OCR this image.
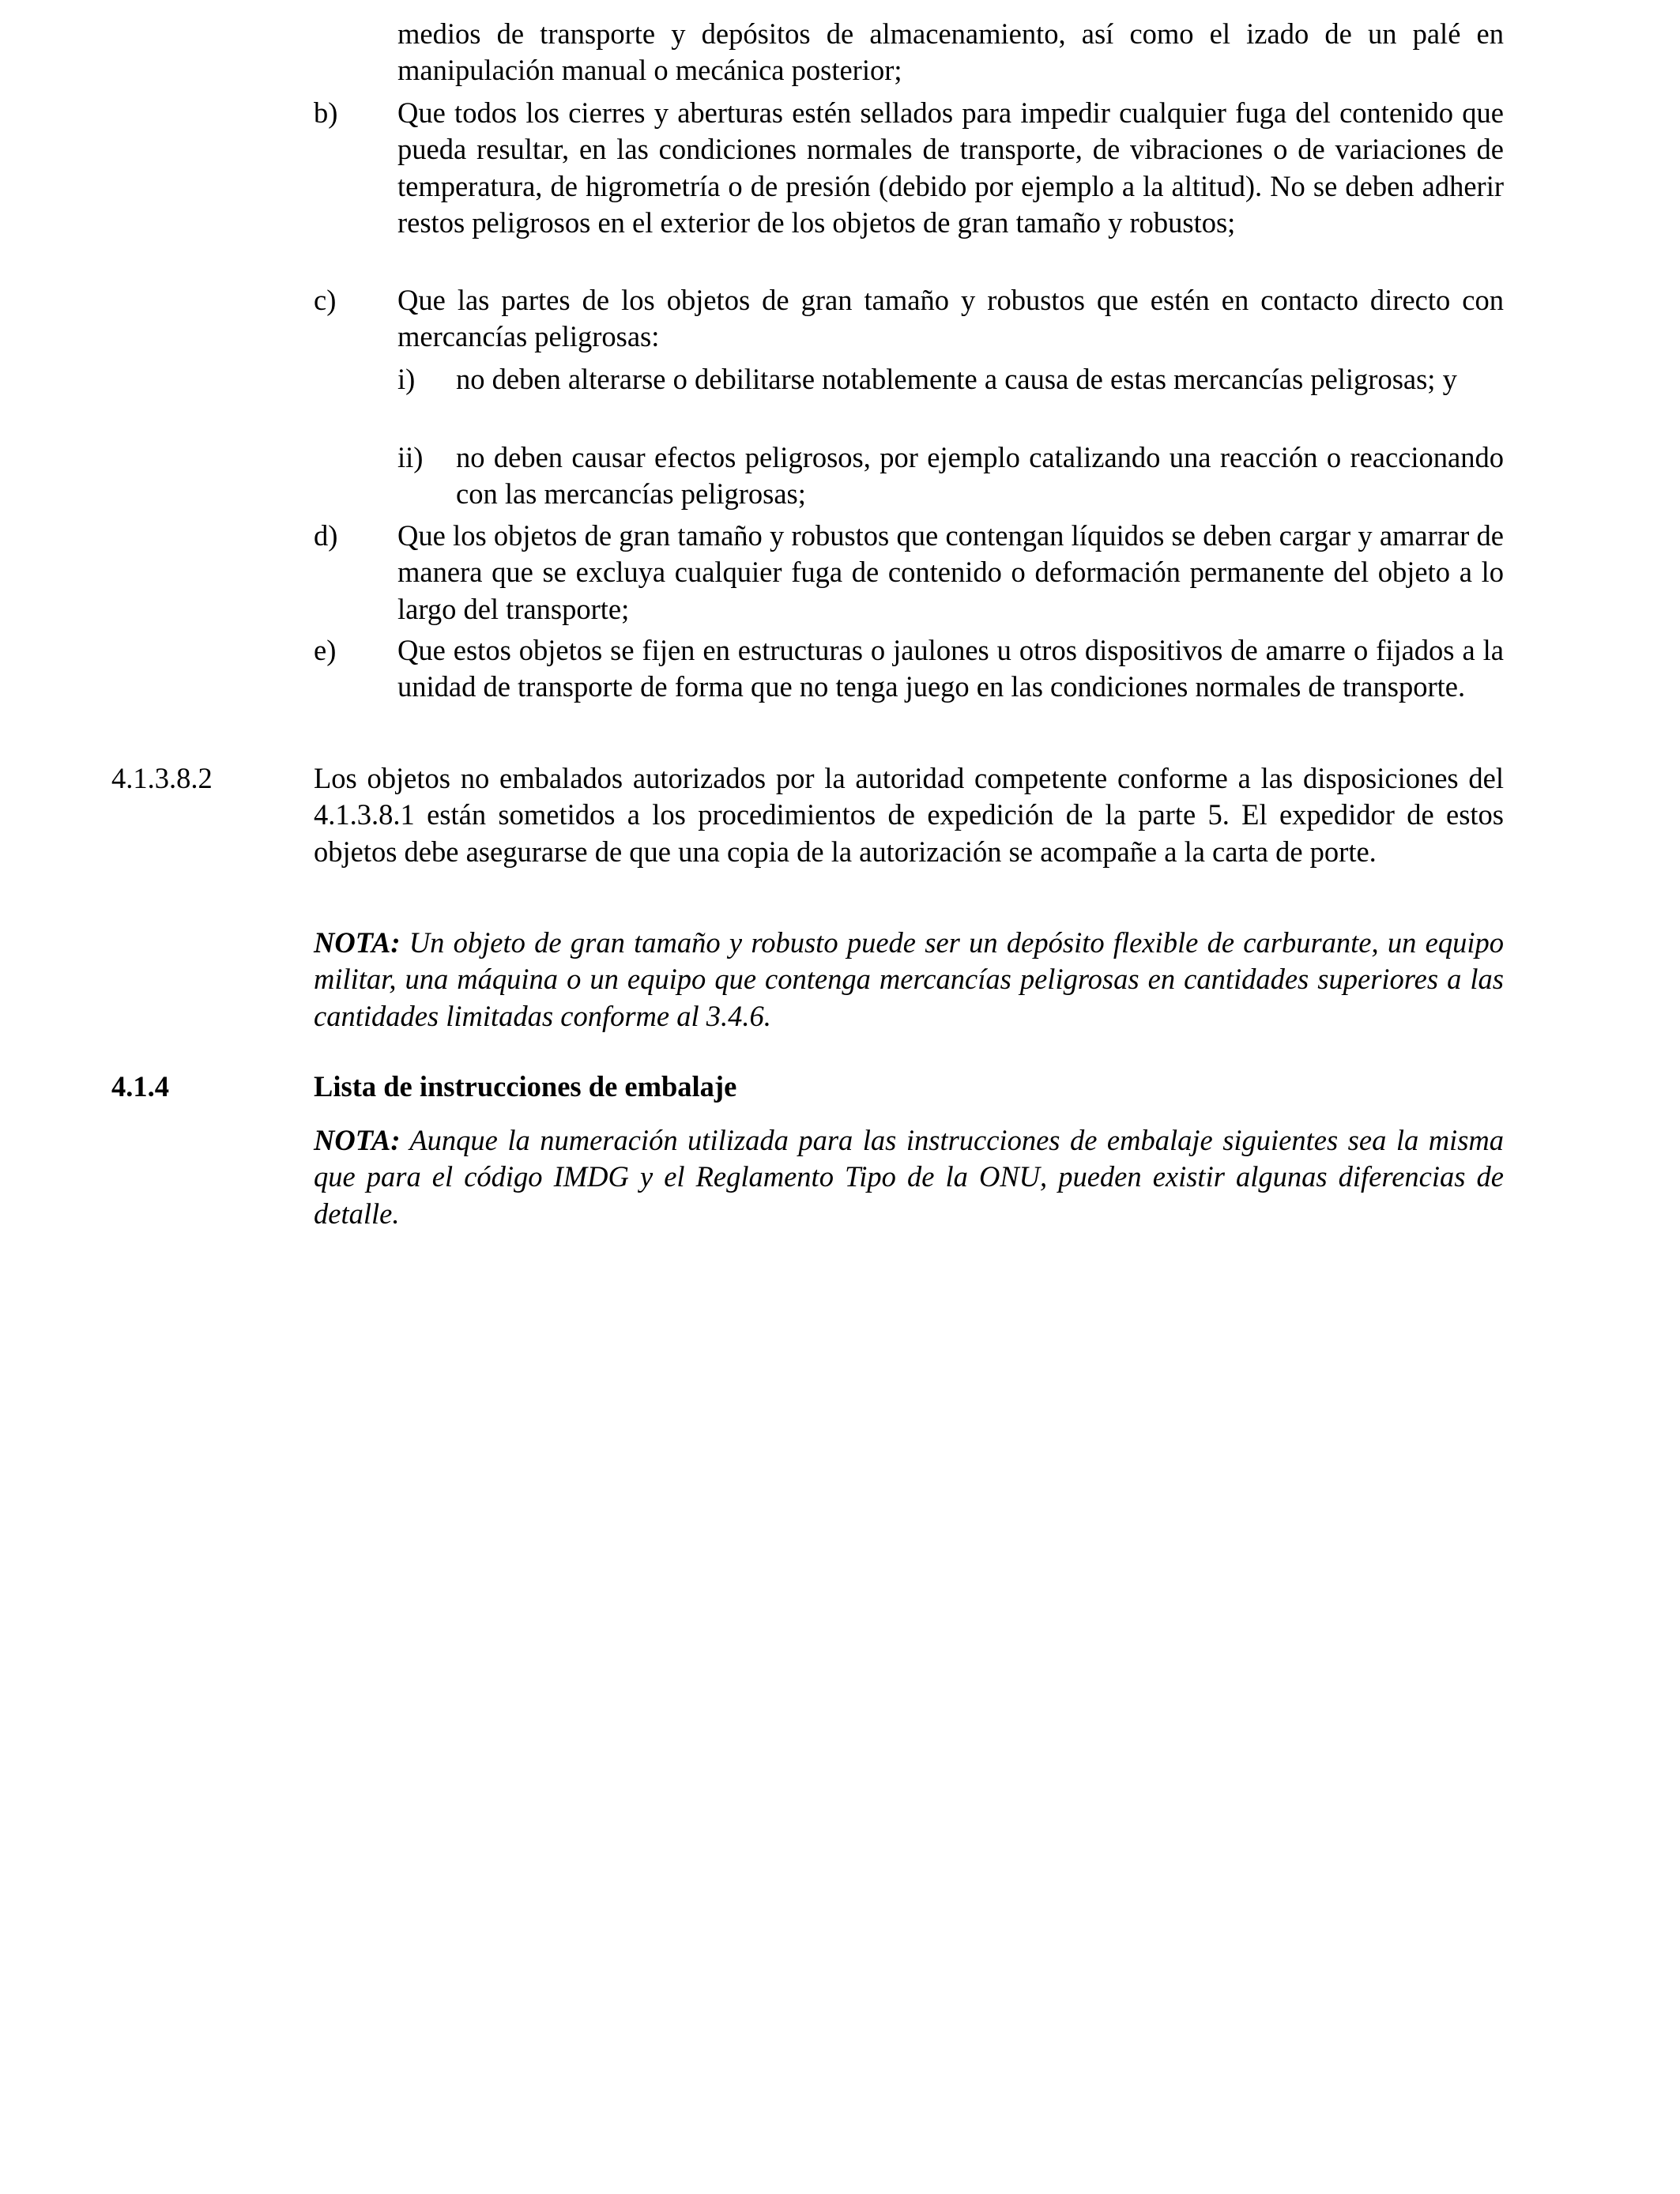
medios de transporte y depósitos de almacenamiento, así como el izado de un palé en manipulación manual o mecánica posterior;
b)	Que todos los cierres y aberturas estén sellados para impedir cualquier fuga del contenido que pueda resultar, en las condiciones normales de transporte, de vibraciones o de variaciones de temperatura, de higrometría o de presión (debido por ejemplo a la altitud). No se deben adherir restos peligrosos en el exterior de los objetos de gran tamaño y robustos;
c)	Que las partes de los objetos de gran tamaño y robustos que estén en contacto directo con mercancías peligrosas:
i)	no deben alterarse o debilitarse notablemente a causa de estas mercancías peligrosas; y
ii)	no deben causar efectos peligrosos, por ejemplo catalizando una reacción o reaccionando con las mercancías peligrosas;
d)	Que los objetos de gran tamaño y robustos que contengan líquidos se deben cargar y amarrar de manera que se excluya cualquier fuga de contenido o deformación permanente del objeto a lo largo del transporte;
e)	Que estos objetos se fijen en estructuras o jaulones u otros dispositivos de amarre o fijados a la unidad de transporte de forma que no tenga juego en las condiciones normales de transporte.
4.1.3.8.2	Los objetos no embalados autorizados por la autoridad competente conforme a las disposiciones del 4.1.3.8.1 están sometidos a los procedimientos de expedición de la parte 5. El expedidor de estos objetos debe asegurarse de que una copia de la autorización se acompañe a la carta de porte.
NOTA: Un objeto de gran tamaño y robusto puede ser un depósito flexible de carburante, un equipo militar, una máquina o un equipo que contenga mercancías peligrosas en cantidades superiores a las cantidades limitadas conforme al 3.4.6.
4.1.4	Lista de instrucciones de embalaje
NOTA: Aunque la numeración utilizada para las instrucciones de embalaje siguientes sea la misma que para el código IMDG y el Reglamento Tipo de la ONU, pueden existir algunas diferencias de detalle.
